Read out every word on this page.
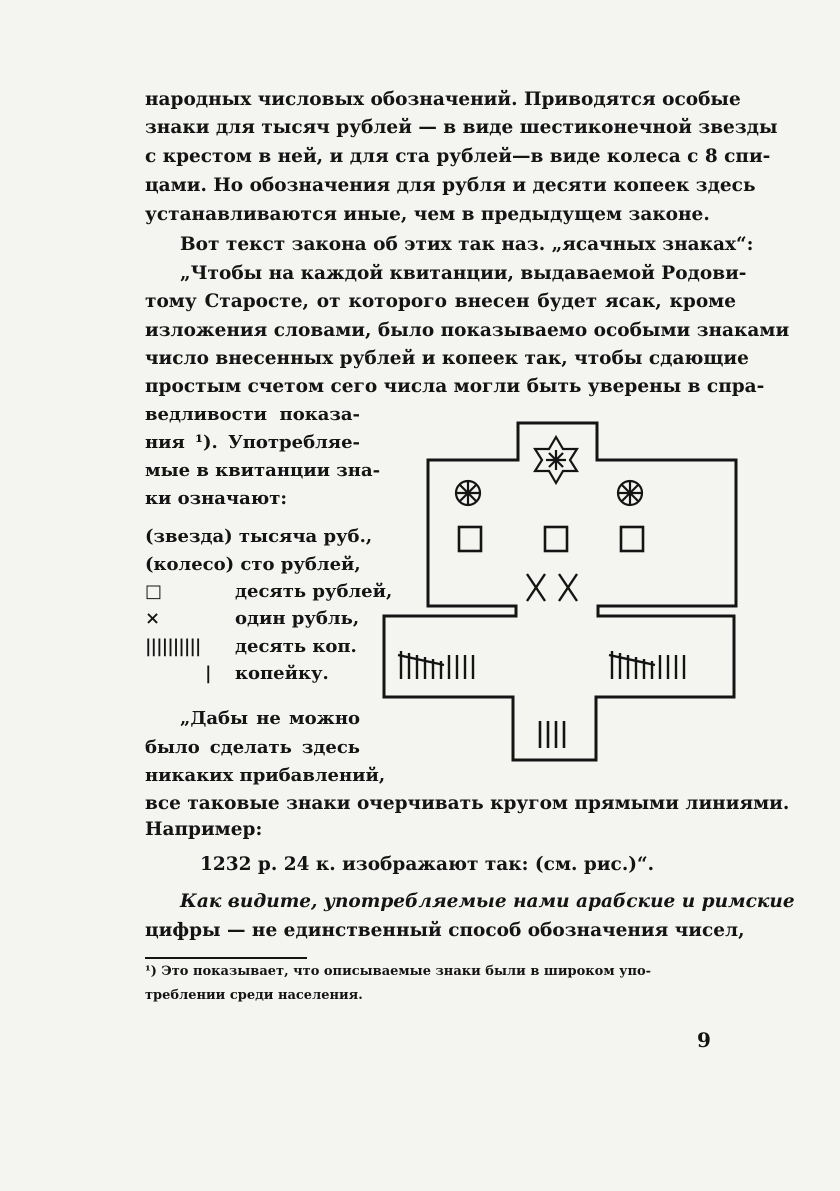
народных числовых обозначений. Приводятся особые
знаки для тысяч рублей — в виде шестиконечной звезды
с крестом в ней, и для ста рублей—в виде колеса с 8 спи-
цами. Но обозначения для рубля и десяти копеек здесь
устанавливаются иные, чем в предыдущем законе.
Вот текст закона об этих так наз. „ясачных знаках“:
„Чтобы на каждой квитанции, выдаваемой Родови-
тому Старосте, от которого внесен будет ясак, кроме
изложения словами, было показываемо особыми знаками
число внесенных рублей и копеек так, чтобы сдающие
простым счетом сего числа могли быть уверены в спра-
ведливости показа-
ния ¹). Употребляе-
мые в квитанции зна-
ки означают:
(звезда) тысяча руб.,
(колесо) сто рублей,
□	десять рублей,
×	один рубль,
|||||||||| десять коп.
| копейку.
„Дабы не можно
было сделать здесь
никаких прибавлений,
все таковые знаки очерчивать кругом прямыми линиями.
Например:
1232 р. 24 к. изображают так: (см. рис.)“.
Как видите, употребляемые нами арабские и римские
цифры — не единственный способ обозначения чисел,
¹) Это показывает, что описываемые знаки были в широком упо-
треблении среди населения.
9
